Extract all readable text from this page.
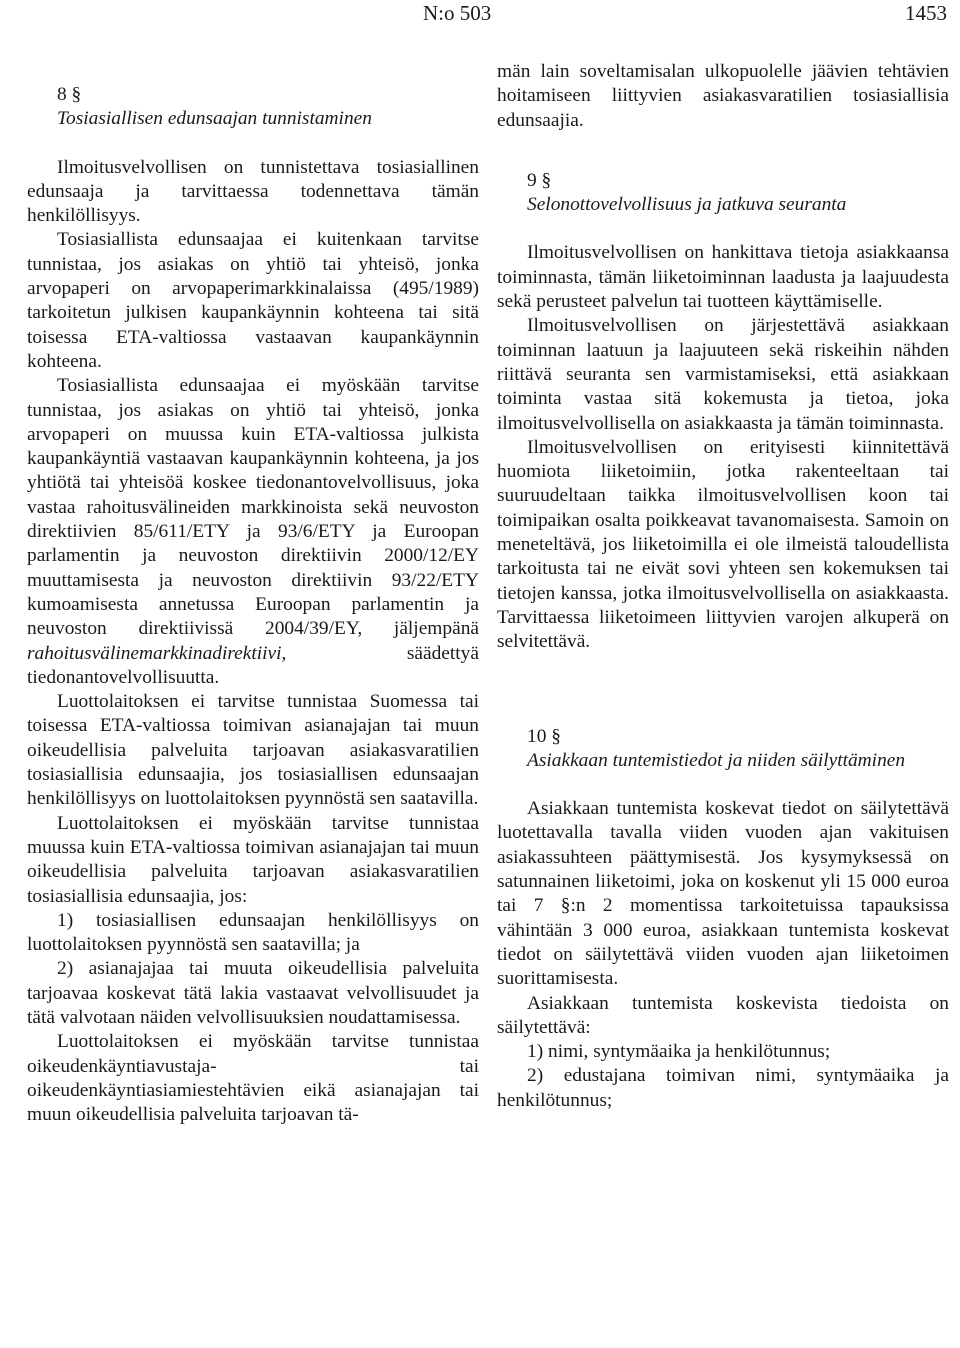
N:o 503	1453

8 §

Tosiasiallisen edunsaajan tunnistaminen

Ilmoitusvelvollisen on tunnistettava tosiasiallinen edunsaaja ja tarvittaessa todennettava tämän henkilöllisyys.

Tosiasiallista edunsaajaa ei kuitenkaan tarvitse tunnistaa, jos asiakas on yhtiö tai yhteisö, jonka arvopaperi on arvopaperimarkkinalaissa (495/1989) tarkoitetun julkisen kaupankäynnin kohteena tai sitä toisessa ETA-valtiossa vastaavan kaupankäynnin kohteena.

Tosiasiallista edunsaajaa ei myöskään tarvitse tunnistaa, jos asiakas on yhtiö tai yhteisö, jonka arvopaperi on muussa kuin ETA-valtiossa julkista kaupankäyntiä vastaavan kaupankäynnin kohteena, ja jos yhtiötä tai yhteisöä koskee tiedonantovelvollisuus, joka vastaa rahoitusvälineiden markkinoista sekä neuvoston direktiivien 85/611/ETY ja 93/6/ETY ja Euroopan parlamentin ja neuvoston direktiivin 2000/12/EY muuttamisesta ja neuvoston direktiivin 93/22/ETY kumoamisesta annetussa Euroopan parlamentin ja neuvoston direktiivissä 2004/39/EY, jäljempänä rahoitusvälinemarkkinadirektiivi, säädettyä tiedonantovelvollisuutta.

Luottolaitoksen ei tarvitse tunnistaa Suomessa tai toisessa ETA-valtiossa toimivan asianajajan tai muun oikeudellisia palveluita tarjoavan asiakasvaratilien tosiasiallisia edunsaajia, jos tosiasiallisen edunsaajan henkilöllisyys on luottolaitoksen pyynnöstä sen saatavilla.

Luottolaitoksen ei myöskään tarvitse tunnistaa muussa kuin ETA-valtiossa toimivan asianajajan tai muun oikeudellisia palveluita tarjoavan asiakasvaratilien tosiasiallisia edunsaajia, jos:

1) tosiasiallisen edunsaajan henkilöllisyys on luottolaitoksen pyynnöstä sen saatavilla; ja

2) asianajajaa tai muuta oikeudellisia palveluita tarjoavaa koskevat tätä lakia vastaavat velvollisuudet ja tätä valvotaan näiden velvollisuuksien noudattamisessa.

Luottolaitoksen ei myöskään tarvitse tunnistaa oikeudenkäyntiavustaja- tai oikeudenkäyntiasiamiestehtävien eikä asianajajan tai muun oikeudellisia palveluita tarjoavan tä-

män lain soveltamisalan ulkopuolelle jäävien tehtävien hoitamiseen liittyvien asiakasvaratilien tosiasiallisia edunsaajia.

9 §

Selonottovelvollisuus ja jatkuva seuranta

Ilmoitusvelvollisen on hankittava tietoja asiakkaansa toiminnasta, tämän liiketoiminnan laadusta ja laajuudesta sekä perusteet palvelun tai tuotteen käyttämiselle.

Ilmoitusvelvollisen on järjestettävä asiakkaan toiminnan laatuun ja laajuuteen sekä riskeihin nähden riittävä seuranta sen varmistamiseksi, että asiakkaan toiminta vastaa sitä kokemusta ja tietoa, joka ilmoitusvelvollisella on asiakkaasta ja tämän toiminnasta.

Ilmoitusvelvollisen on erityisesti kiinnitettävä huomiota liiketoimiin, jotka rakenteeltaan tai suuruudeltaan taikka ilmoitusvelvollisen koon tai toimipaikan osalta poikkeavat tavanomaisesta. Samoin on meneteltävä, jos liiketoimilla ei ole ilmeistä taloudellista tarkoitusta tai ne eivät sovi yhteen sen kokemuksen tai tietojen kanssa, jotka ilmoitusvelvollisella on asiakkaasta. Tarvittaessa liiketoimeen liittyvien varojen alkuperä on selvitettävä.

10 §

Asiakkaan tuntemistiedot ja niiden säilyttäminen

Asiakkaan tuntemista koskevat tiedot on säilytettävä luotettavalla tavalla viiden vuoden ajan vakituisen asiakassuhteen päättymisestä. Jos kysymyksessä on satunnainen liiketoimi, joka on koskenut yli 15 000 euroa tai 7 §:n 2 momentissa tarkoitetuissa tapauksissa vähintään 3 000 euroa, asiakkaan tuntemista koskevat tiedot on säilytettävä viiden vuoden ajan liiketoimen suorittamisesta.

Asiakkaan tuntemista koskevista tiedoista on säilytettävä:

1) nimi, syntymäaika ja henkilötunnus;

2) edustajana toimivan nimi, syntymäaika ja henkilötunnus;
